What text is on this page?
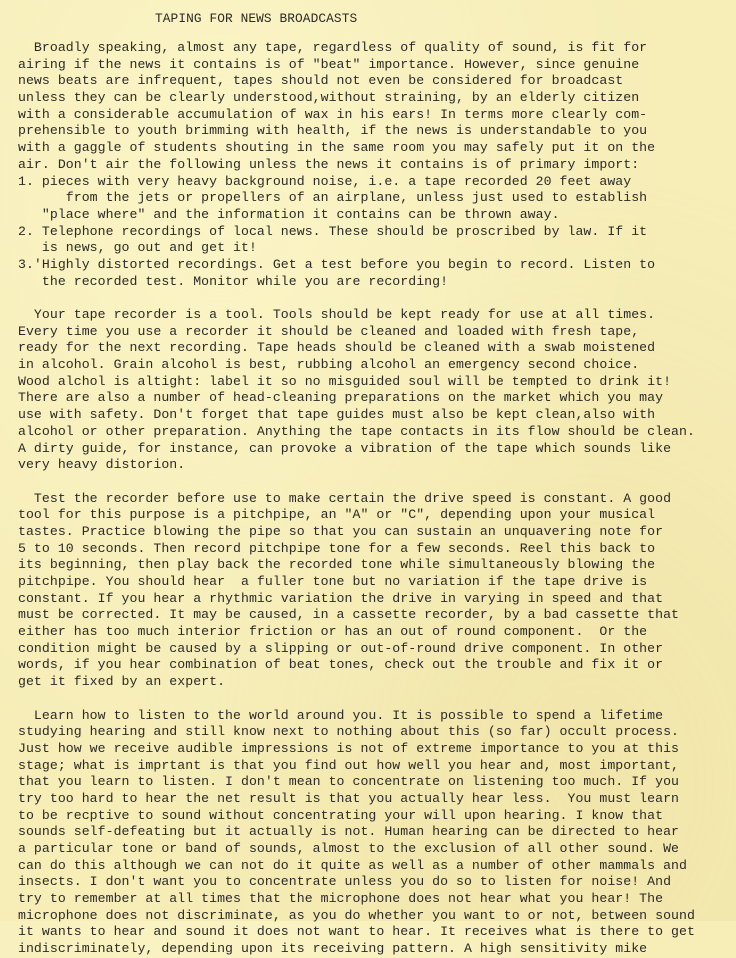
TAPING FOR NEWS BROADCASTS
Broadly speaking, almost any tape, regardless of quality of sound, is fit for
airing if the news it contains is of "beat" importance. However, since genuine
news beats are infrequent, tapes should not even be considered for broadcast
unless they can be clearly understood,without straining, by an elderly citizen
with a considerable accumulation of wax in his ears! In terms more clearly com-
prehensible to youth brimming with health, if the news is understandable to you
with a gaggle of students shouting in the same room you may safely put it on the
air. Don't air the following unless the news it contains is of primary import:
1. pieces with very heavy background noise, i.e. a tape recorded 20 feet away
from the jets or propellers of an airplane, unless just used to establish
"place where" and the information it contains can be thrown away.
2. Telephone recordings of local news. These should be proscribed by law. If it
is news, go out and get it!
3.'Highly distorted recordings. Get a test before you begin to record. Listen to
the recorded test. Monitor while you are recording!
Your tape recorder is a tool. Tools should be kept ready for use at all times.
Every time you use a recorder it should be cleaned and loaded with fresh tape,
ready for the next recording. Tape heads should be cleaned with a swab moistened
in alcohol. Grain alcohol is best, rubbing alcohol an emergency second choice.
Wood alchol is altight: label it so no misguided soul will be tempted to drink it!
There are also a number of head-cleaning preparations on the market which you may
use with safety. Don't forget that tape guides must also be kept clean,also with
alcohol or other preparation. Anything the tape contacts in its flow should be clean.
A dirty guide, for instance, can provoke a vibration of the tape which sounds like
very heavy distorion.
Test the recorder before use to make certain the drive speed is constant. A good
tool for this purpose is a pitchpipe, an "A" or "C", depending upon your musical
tastes. Practice blowing the pipe so that you can sustain an unquavering note for
5 to 10 seconds. Then record pitchpipe tone for a few seconds. Reel this back to
its beginning, then play back the recorded tone while simultaneously blowing the
pitchpipe. You should hear  a fuller tone but no variation if the tape drive is
constant. If you hear a rhythmic variation the drive in varying in speed and that
must be corrected. It may be caused, in a cassette recorder, by a bad cassette that
either has too much interior friction or has an out of round component.  Or the
condition might be caused by a slipping or out-of-round drive component. In other
words, if you hear combination of beat tones, check out the trouble and fix it or
get it fixed by an expert.
Learn how to listen to the world around you. It is possible to spend a lifetime
studying hearing and still know next to nothing about this (so far) occult process.
Just how we receive audible impressions is not of extreme importance to you at this
stage; what is imprtant is that you find out how well you hear and, most important,
that you learn to listen. I don't mean to concentrate on listening too much. If you
try too hard to hear the net result is that you actually hear less.  You must learn
to be recptive to sound without concentrating your will upon hearing. I know that
sounds self-defeating but it actually is not. Human hearing can be directed to hear
a particular tone or band of sounds, almost to the exclusion of all other sound. We
can do this although we can not do it quite as well as a number of other mammals and
insects. I don't want you to concentrate unless you do so to listen for noise! And
try to remember at all times that the microphone does not hear what you hear! The
microphone does not discriminate, as you do whether you want to or not, between sound
it wants to hear and sound it does not want to hear. It receives what is there to get
indiscriminately, depending upon its receiving pattern. A high sensitivity mike
